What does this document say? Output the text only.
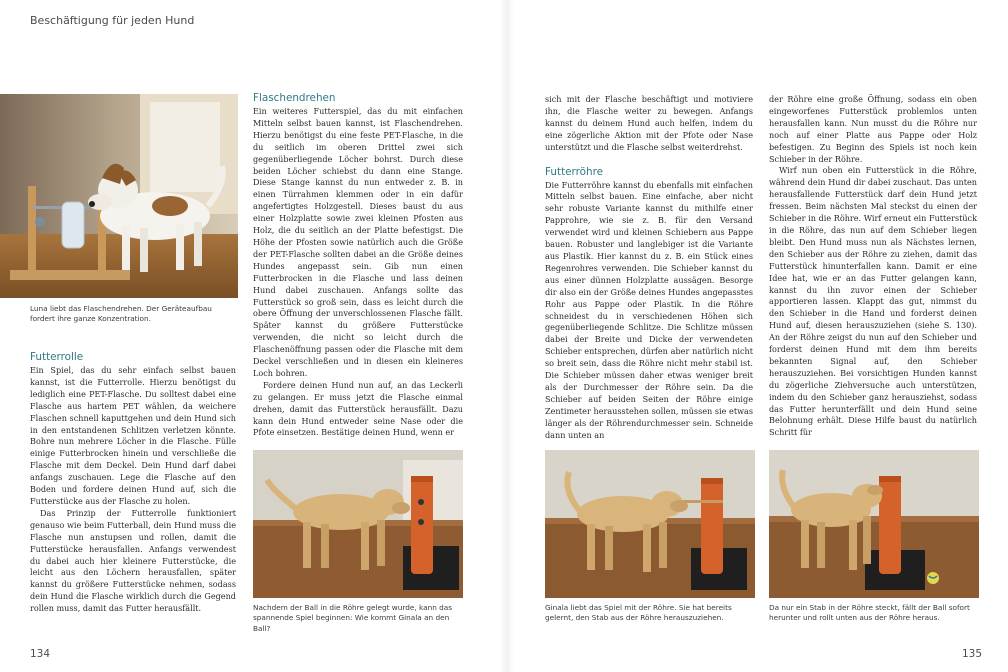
Beschäftigung für jeden Hund
Luna liebt das Flaschendrehen. Der Geräteaufbau fordert ihre ganze Konzentration.
Futterrolle

Ein Spiel, das du sehr einfach selbst bauen kannst, ist die Futterrolle. Hierzu benötigst du lediglich eine PET-Flasche. Du solltest dabei eine Flasche aus hartem PET wählen, da weichere Flaschen schnell kaputtgehen und dein Hund sich in den entstandenen Schlitzen verletzen könnte. Bohre nun mehrere Löcher in die Flasche. Fülle einige Futterbrocken hinein und verschließe die Flasche mit dem Deckel. Dein Hund darf dabei anfangs zuschauen. Lege die Flasche auf den Boden und fordere deinen Hund auf, sich die Futterstücke aus der Flasche zu holen.

Das Prinzip der Futterrolle funktioniert genauso wie beim Futterball, dein Hund muss die Flasche nun anstupsen und rollen, damit die Futterstücke herausfallen. Anfangs verwendest du dabei auch hier kleinere Futterstücke, die leicht aus den Löchern herausfallen, später kannst du größere Futterstücke nehmen, sodass dein Hund die Flasche wirklich durch die Gegend rollen muss, damit das Futter herausfällt.

Flaschendrehen

Ein weiteres Futterspiel, das du mit einfachen Mitteln selbst bauen kannst, ist Flaschendrehen. Hierzu benötigst du eine feste PET-Flasche, in die du seitlich im oberen Drittel zwei sich gegenüberliegende Löcher bohrst. Durch diese beiden Löcher schiebst du dann eine Stange. Diese Stange kannst du nun entweder z. B. in einen Türrahmen klemmen oder in ein dafür angefertigtes Holzgestell. Dieses baust du aus einer Holzplatte sowie zwei kleinen Pfosten aus Holz, die du seitlich an der Platte befestigst. Die Höhe der Pfosten sowie natürlich auch die Größe der PET-Flasche sollten dabei an die Größe deines Hundes angepasst sein. Gib nun einen Futterbrocken in die Flasche und lass deinen Hund dabei zuschauen. Anfangs sollte das Futterstück so groß sein, dass es leicht durch die obere Öffnung der unverschlossenen Flasche fällt. Später kannst du größere Futterstücke verwenden, die nicht so leicht durch die Flaschenöffnung passen oder die Flasche mit dem Deckel verschließen und in diesen ein kleineres Loch bohren.

Fordere deinen Hund nun auf, an das Leckerli zu gelangen. Er muss jetzt die Flasche einmal drehen, damit das Futterstück herausfällt. Dazu kann dein Hund entweder seine Nase oder die Pfote einsetzen. Bestätige deinen Hund, wenn er

Nachdem der Ball in die Röhre gelegt wurde, kann das spannende Spiel beginnen: Wie kommt Ginala an den Ball?

sich mit der Flasche beschäftigt und motiviere ihn, die Flasche weiter zu bewegen. Anfangs kannst du deinem Hund auch helfen, indem du eine zögerliche Aktion mit der Pfote oder Nase unterstützt und die Flasche selbst weiterdrehst.

Futterröhre

Die Futterröhre kannst du ebenfalls mit einfachen Mitteln selbst bauen. Eine einfache, aber nicht sehr robuste Variante kannst du mithilfe einer Papprohre, wie sie z. B. für den Versand verwendet wird und kleinen Schiebern aus Pappe bauen. Robuster und langlebiger ist die Variante aus Plastik. Hier kannst du z. B. ein Stück eines Regenrohres verwenden. Die Schieber kannst du aus einer dünnen Holzplatte aussägen. Besorge dir also ein der Größe deines Hundes angepasstes Rohr aus Pappe oder Plastik. In die Röhre schneidest du in verschiedenen Höhen sich gegenüberliegende Schlitze. Die Schlitze müssen dabei der Breite und Dicke der verwendeten Schieber entsprechen, dürfen aber natürlich nicht so breit sein, dass die Röhre nicht mehr stabil ist. Die Schieber müssen daher etwas weniger breit als der Durchmesser der Röhre sein. Da die Schieber auf beiden Seiten der Röhre einige Zentimeter herausstehen sollen, müssen sie etwas länger als der Röhrendurchmesser sein. Schneide dann unten an

Ginala liebt das Spiel mit der Röhre. Sie hat bereits gelernt, den Stab aus der Röhre herauszuziehen.

der Röhre eine große Öffnung, sodass ein oben eingeworfenes Futterstück problemlos unten herausfallen kann. Nun musst du die Röhre nur noch auf einer Platte aus Pappe oder Holz befestigen. Zu Beginn des Spiels ist noch kein Schieber in der Röhre.

Wirf nun oben ein Futterstück in die Röhre, während dein Hund dir dabei zuschaut. Das unten herausfallende Futterstück darf dein Hund jetzt fressen. Beim nächsten Mal steckst du einen der Schieber in die Röhre. Wirf erneut ein Futterstück in die Röhre, das nun auf dem Schieber liegen bleibt. Den Hund muss nun als Nächstes lernen, den Schieber aus der Röhre zu ziehen, damit das Futterstück hinunterfallen kann. Damit er eine Idee hat, wie er an das Futter gelangen kann, kannst du ihn zuvor einen der Schieber apportieren lassen. Klappt das gut, nimmst du den Schieber in die Hand und forderst deinen Hund auf, diesen herauszuziehen (siehe S. 130). An der Röhre zeigst du nun auf den Schieber und forderst deinen Hund mit dem ihm bereits bekannten Signal auf, den Schieber herauszuziehen. Bei vorsichtigen Hunden kannst du zögerliche Ziehversuche auch unterstützen, indem du den Schieber ganz herausziehst, sodass das Futter herunterfällt und dein Hund seine Belohnung erhält. Diese Hilfe baust du natürlich Schritt für

Da nur ein Stab in der Röhre steckt, fällt der Ball sofort herunter und rollt unten aus der Röhre heraus.
134	135
